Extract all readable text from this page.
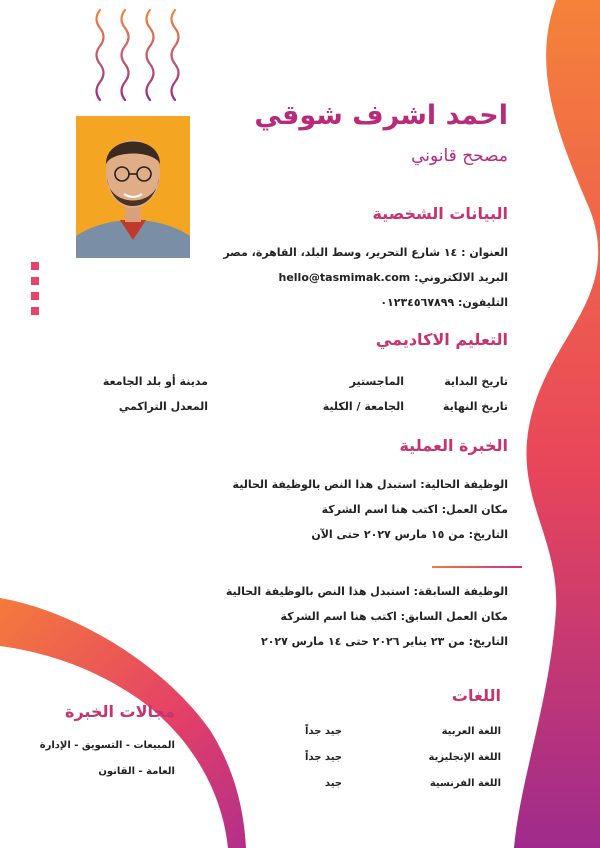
احمد اشرف شوقي
مصحح قانوني
البيانات الشخصية
العنوان : ١٤ شارع التحرير، وسط البلد، القاهرة، مصر
البريد الالكتروني: hello@tasmimak.com
التليفون: ٠١٢٣٤٥٦٧٨٩٩
التعليم الاكاديمي
تاريخ البداية
الماجستير
مدينة أو بلد الجامعة
تاريخ النهاية
الجامعة / الكلية
المعدل التراكمي
الخبرة العملية
الوظيفة الحالية: استبدل هذا النص بالوظيفة الحالية
مكان العمل: اكتب هنا اسم الشركة
التاريخ: من ١٥ مارس ٢٠٢٧ حتى الآن
الوظيفة السابقة: استبدل هذا النص بالوظيفة الحالية
مكان العمل السابق: اكتب هنا اسم الشركة
التاريخ: من ٢٣ يناير ٢٠٢٦ حتى ١٤ مارس ٢٠٢٧
اللغات
اللغة العربية
جيد جداً
اللغة الإنجليزية
جيد جداً
اللغة الفرنسية
جيد
مجالات الخبرة
المبيعات - التسويق - الإدارة
العامة - القانون
